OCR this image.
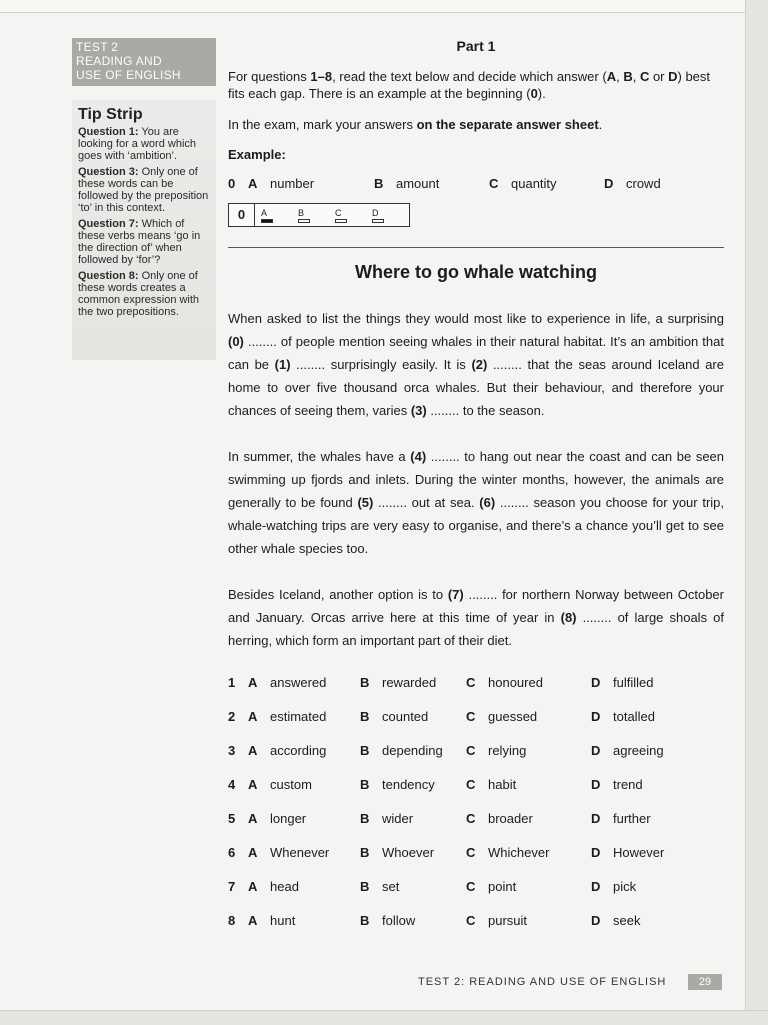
TEST 2
READING AND
USE OF ENGLISH
Tip Strip
Question 1: You are looking for a word which goes with ‘ambition’.
Question 3: Only one of these words can be followed by the preposition ‘to’ in this context.
Question 7: Which of these verbs means ‘go in the direction of’ when followed by ‘for’?
Question 8: Only one of these words creates a common expression with the two prepositions.
Part 1

For questions 1–8, read the text below and decide which answer (A, B, C or D) best fits each gap. There is an example at the beginning (0).

In the exam, mark your answers on the separate answer sheet.

Example:
0 A number	B amount	C quantity	D crowd
0	A	B	C	D
Where to go whale watching

When asked to list the things they would most like to experience in life, a surprising (0) ........ of people mention seeing whales in their natural habitat. It’s an ambition that can be (1) ........ surprisingly easily. It is (2) ........ that the seas around Iceland are home to over five thousand orca whales. But their behaviour, and therefore your chances of seeing them, varies (3) ........ to the season.

In summer, the whales have a (4) ........ to hang out near the coast and can be seen swimming up fjords and inlets. During the winter months, however, the animals are generally to be found (5) ........ out at sea. (6) ........ season you choose for your trip, whale-watching trips are very easy to organise, and there’s a chance you’ll get to see other whale species too.

Besides Iceland, another option is to (7) ........ for northern Norway between October and January. Orcas arrive here at this time of year in (8) ........ of large shoals of herring, which form an important part of their diet.

1 A answered	B rewarded C honoured	D fulfilled
2 A estimated	B counted	C guessed	D totalled
3 A according	B depending C relying	D agreeing
4 A custom	B tendency C habit	D trend
5 A longer	B wider	C broader	D further
6 A Whenever B Whoever C Whichever	D However
7 A head	B set	C point	D pick
8 A hunt	B follow	C pursuit	D seek
TEST 2: READING AND USE OF ENGLISH	29
